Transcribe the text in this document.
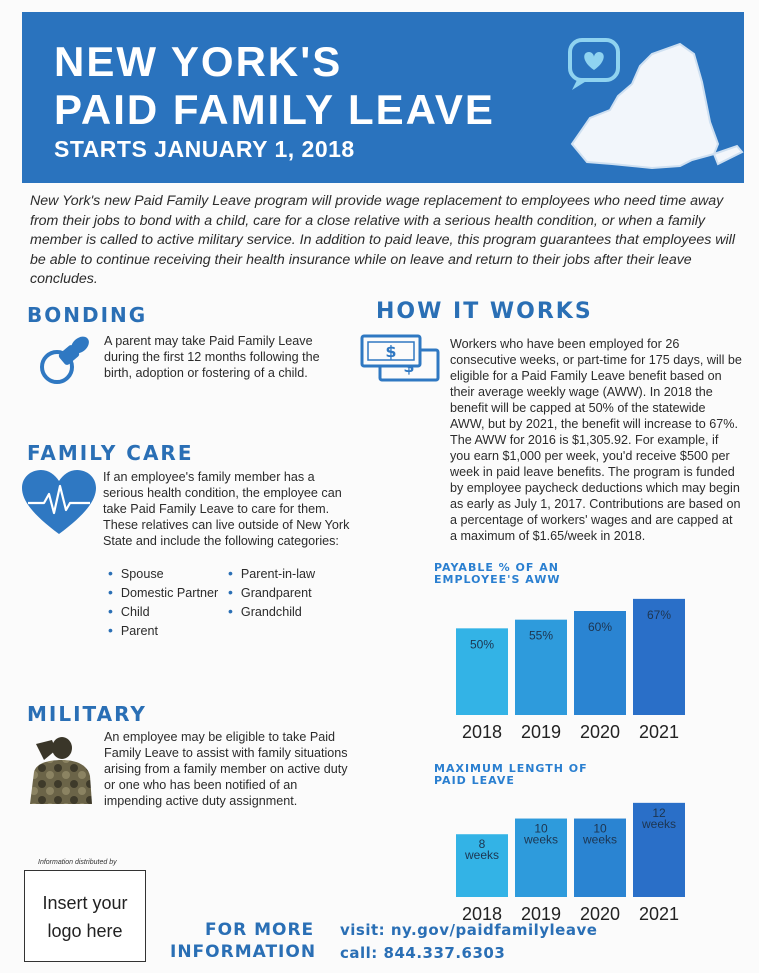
NEW YORK'S
PAID FAMILY LEAVE
STARTS JANUARY 1, 2018
New York's new Paid Family Leave program will provide wage replacement to employees who need time away from their jobs to bond with a child, care for a close relative with a serious health condition, or when a family member is called to active military service. In addition to paid leave, this program guarantees that employees will be able to continue receiving their health insurance while on leave and return to their jobs after their leave concludes.
BONDING
A parent may take Paid Family Leave during the first 12 months following the birth, adoption or fostering of a child.
FAMILY CARE
If an employee's family member has a serious health condition, the employee can take Paid Family Leave to care for them. These relatives can live outside of New York State and include the following categories:
• Spouse
• Domestic Partner
• Child
• Parent
• Parent-in-law
• Grandparent
• Grandchild
MILITARY
An employee may be eligible to take Paid Family Leave to assist with family situations arising from a family member on active duty or one who has been notified of an impending active duty assignment.
HOW IT WORKS
$	Workers who have been employed for 26 consecutive weeks, or part-time for 175 days, will be eligible for a Paid Family Leave benefit based on their average weekly wage (AWW). In 2018 the benefit will be capped at 50% of the statewide AWW, but by 2021, the benefit will increase to 67%. The AWW for 2016 is $1,305.92. For example, if you earn $1,000 per week, you'd receive $500 per week in paid leave benefits. The program is funded by employee paycheck deductions which may begin as early as July 1, 2017. Contributions are based on a percentage of workers' wages and are capped at a maximum of $1.65/week in 2018.
PAYABLE % OF AN EMPLOYEE'S AWW
50%
2018
55%
2019
60%
2020
67%
2021
MAXIMUM LENGTH OF PAID LEAVE
8 weeks
2018
10 weeks
2019
10 weeks
2020
12 weeks
2021
Information distributed by
Insert your
logo here	FOR MORE
INFORMATION
visit: ny.gov/paidfamilyleave
call: 844.337.6303
